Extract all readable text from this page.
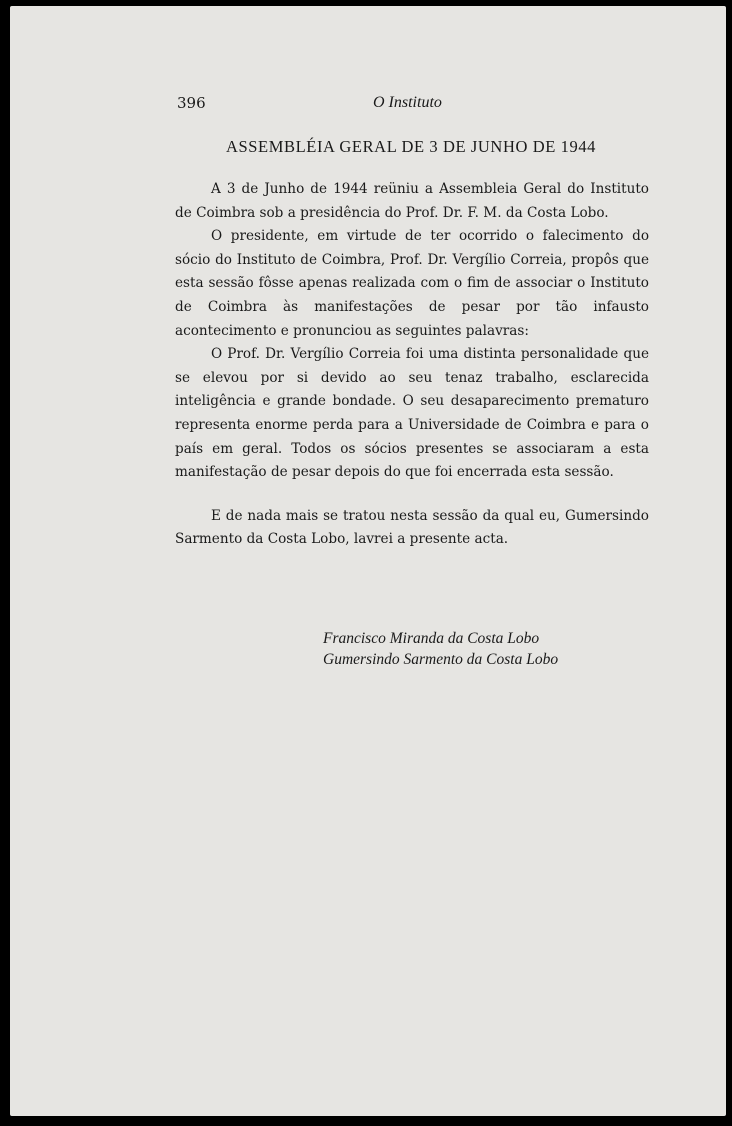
396	O Instituto
ASSEMBLÉIA GERAL DE 3 DE JUNHO DE 1944

A 3 de Junho de 1944 reüniu a Assembleia Geral do Instituto de Coimbra sob a presidência do Prof. Dr. F. M. da Costa Lobo.

O presidente, em virtude de ter ocorrido o falecimento do sócio do Instituto de Coimbra, Prof. Dr. Vergílio Correia, propôs que esta sessão fôsse apenas realizada com o fim de associar o Instituto de Coimbra às manifestações de pesar por tão infausto acontecimento e pronunciou as seguintes palavras:

O Prof. Dr. Vergílio Correia foi uma distinta personalidade que se elevou por si devido ao seu tenaz trabalho, esclarecida inteligência e grande bondade. O seu desaparecimento prematuro representa enorme perda para a Universidade de Coimbra e para o país em geral. Todos os sócios presentes se associaram a esta manifestação de pesar depois do que foi encerrada esta sessão.

E de nada mais se tratou nesta sessão da qual eu, Gumersindo Sarmento da Costa Lobo, lavrei a presente acta.

Francisco Miranda da Costa Lobo
Gumersindo Sarmento da Costa Lobo
